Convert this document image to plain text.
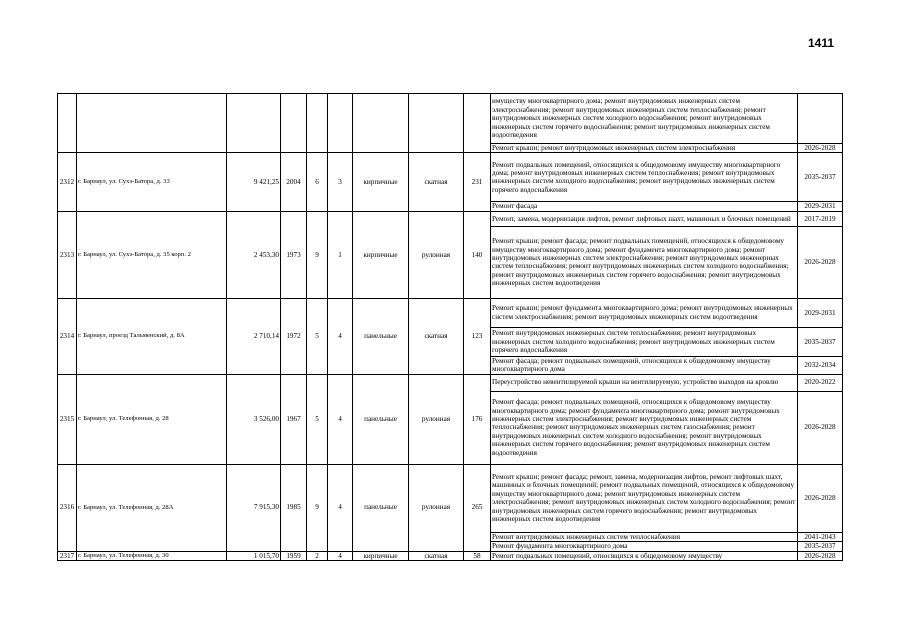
1411
									имуществу многоквартирного дома; ремонт внутридомовых инженерных систем электроснабжения; ремонт внутридомовых инженерных систем теплоснабжения; ремонт внутридомовых инженерных систем холодного водоснабжения; ремонт внутридомовых инженерных систем горячего водоснабжения; ремонт внутридомовых инженерных систем водоотведения	
									Ремонт крыши; ремонт внутридомовых инженерных систем электроснабжения	2026-2028
2312	г. Барнаул, ул. Сухэ-Батора, д. 33	9 421,25	2004	6	3	кирпичные	скатная	231	Ремонт подвальных помещений, относящихся к общедомовому имуществу многоквартирного дома; ремонт внутридомовых инженерных систем теплоснабжения; ремонт внутридомовых инженерных систем холодного водоснабжения; ремонт внутридомовых инженерных систем горячего водоснабжения	2035-2037
									Ремонт фасада	2029-2031
2313	г. Барнаул, ул. Сухэ-Батора, д. 35 корп. 2	2 453,30	1973	9	1	кирпичные	рулонная	140	Ремонт, замена, модернизация лифтов, ремонт лифтовых шахт, машинных и блочных помещений	2017-2019
									Ремонт крыши; ремонт фасада; ремонт подвальных помещений, относящихся к общедомовому имуществу многоквартирного дома; ремонт фундамента многоквартирного дома; ремонт внутридомовых инженерных систем электроснабжения; ремонт внутридомовых инженерных систем теплоснабжения; ремонт внутридомовых инженерных систем холодного водоснабжения; ремонт внутридомовых инженерных систем горячего водоснабжения; ремонт внутридомовых инженерных систем водоотведения	2026-2028
2314	г. Барнаул, проезд Тальменский, д. 8А	2 710,14	1972	5	4	панельные	скатная	123	Ремонт крыши; ремонт фундамента многоквартирного дома; ремонт внутридомовых инженерных систем электроснабжения; ремонт внутридомовых инженерных систем водоотведения	2029-2031
									Ремонт внутридомовых инженерных систем теплоснабжения; ремонт внутридомовых инженерных систем холодного водоснабжения; ремонт внутридомовых инженерных систем горячего водоснабжения	2035-2037
									Ремонт фасада; ремонт подвальных помещений, относящихся к общедомовому имуществу многоквартирного дома	2032-2034
2315	г. Барнаул, ул. Телефонная, д. 28	3 526,00	1967	5	4	панельные	рулонная	176	Переустройство невентилируемой крыши на вентилируемую, устройство выходов на кровлю	2020-2022
									Ремонт фасада; ремонт подвальных помещений, относящихся к общедомовому имуществу многоквартирного дома; ремонт фундамента многоквартирного дома; ремонт внутридомовых инженерных систем электроснабжения; ремонт внутридомовых инженерных систем теплоснабжения; ремонт внутридомовых инженерных систем газоснабжения; ремонт внутридомовых инженерных систем холодного водоснабжения; ремонт внутридомовых инженерных систем горячего водоснабжения; ремонт внутридомовых инженерных систем водоотведения	2026-2028
2316	г. Барнаул, ул. Телефонная, д. 28А	7 915,30	1985	9	4	панельные	рулонная	265	Ремонт крыши; ремонт фасада; ремонт, замена, модернизация лифтов, ремонт лифтовых шахт, машинных и блочных помещений; ремонт подвальных помещений, относящихся к общедомовому имуществу многоквартирного дома; ремонт внутридомовых инженерных систем электроснабжения; ремонт внутридомовых инженерных систем холодного водоснабжения; ремонт внутридомовых инженерных систем горячего водоснабжения; ремонт внутридомовых инженерных систем водоотведения	2026-2028
									Ремонт внутридомовых инженерных систем теплоснабжения	2041-2043
									Ремонт фундамента многоквартирного дома	2035-2037
2317	г. Барнаул, ул. Телефонная, д. 30	1 015,70	1959	2	4	кирпичные	скатная	58	Ремонт подвальных помещений, относящихся к общедомовому имуществу	2026-2028
